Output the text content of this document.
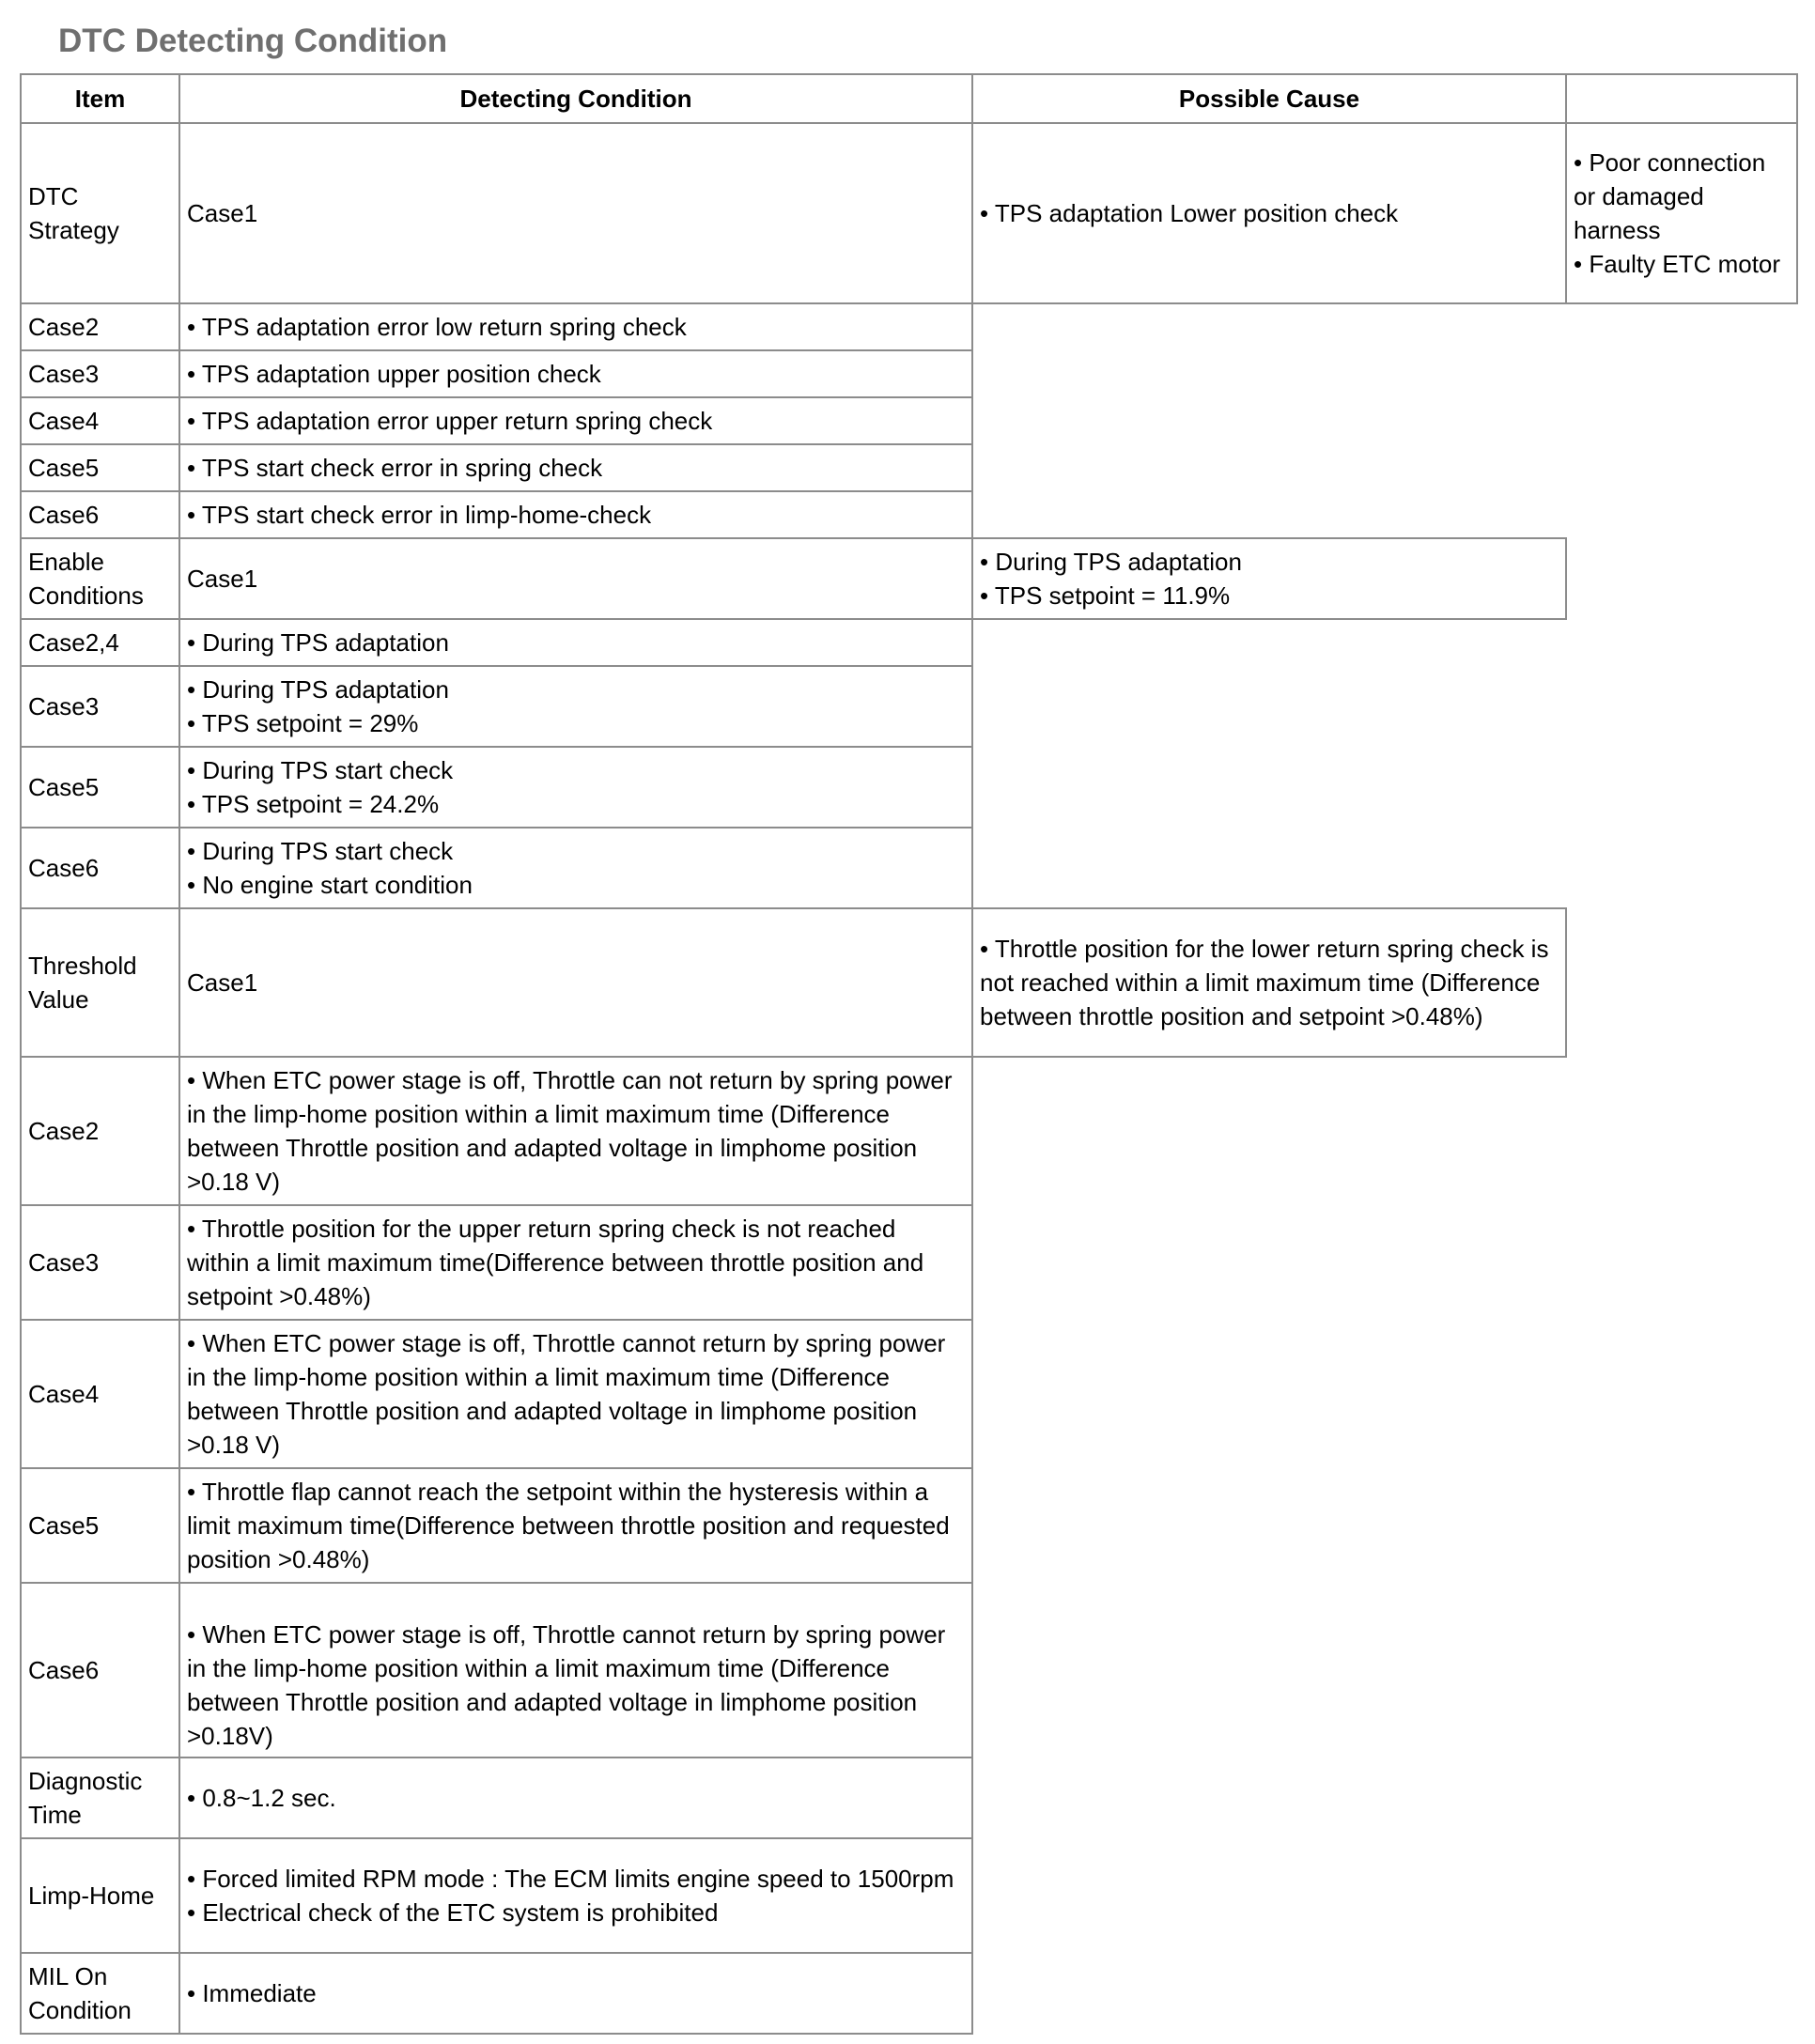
DTC Detecting Condition
Item	Detecting Condition	Possible Cause	
DTC Strategy	Case1	• TPS adaptation Lower position check	• Poor connection or damaged harness
• Faulty ETC motor

Case2	• TPS adaptation error low return spring check		
Case3	• TPS adaptation upper position check		
Case4	• TPS adaptation error upper return spring check		
Case5	• TPS start check error in spring check		
Case6	• TPS start check error in limp-home-check		
Enable Conditions	Case1	• During TPS adaptation
• TPS setpoint = 11.9%	

Case2,4	• During TPS adaptation		

Case3	• During TPS adaptation
• TPS setpoint = 29%		

Case5	• During TPS start check
• TPS setpoint = 24.2%		

Case6	• During TPS start check
• No engine start condition		

Threshold Value	Case1	• Throttle position for the lower return spring check is not reached within a limit maximum time (Difference between throttle position and setpoint >0.48%)	
Case2	• When ETC power stage is off, Throttle can not return by spring power in the limp-home position within a limit maximum time (Difference between Throttle position and adapted voltage in limphome position >0.18 V)		
Case3	• Throttle position for the upper return spring check is not reached within a limit maximum time(Difference between throttle position and setpoint >0.48%)		
Case4	• When ETC power stage is off, Throttle cannot return by spring power in the limp-home position within a limit maximum time (Difference between Throttle position and adapted voltage in limphome position >0.18 V)		
Case5	• Throttle flap cannot reach the setpoint within the hysteresis within a limit maximum time(Difference between throttle position and requested position >0.48%)		
Case6	• When ETC power stage is off, Throttle cannot return by spring power in the limp-home position within a limit maximum time (Difference between Throttle position and adapted voltage in limphome position >0.18V)		
Diagnostic Time	• 0.8~1.2 sec.		
Limp-Home	• Forced limited RPM mode : The ECM limits engine speed to 1500rpm
• Electrical check of the ETC system is prohibited		

MIL On Condition	• Immediate		
